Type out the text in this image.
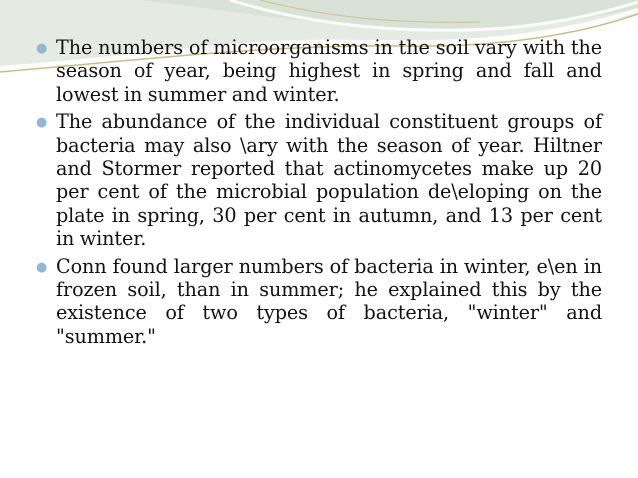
● The numbers of microorganisms in the soil vary with the season of year, being highest in spring and fall and lowest in summer and winter.
● The abundance of the individual constituent groups of bacteria may also \ary with the season of year. Hiltner and Stormer reported that actinomycetes make up 20 per cent of the microbial population de\eloping on the plate in spring, 30 per cent in autumn, and 13 per cent in winter.
● Conn found larger numbers of bacteria in winter, e\en in frozen soil, than in summer; he explained this by the existence of two types of bacteria, "winter" and "summer."
